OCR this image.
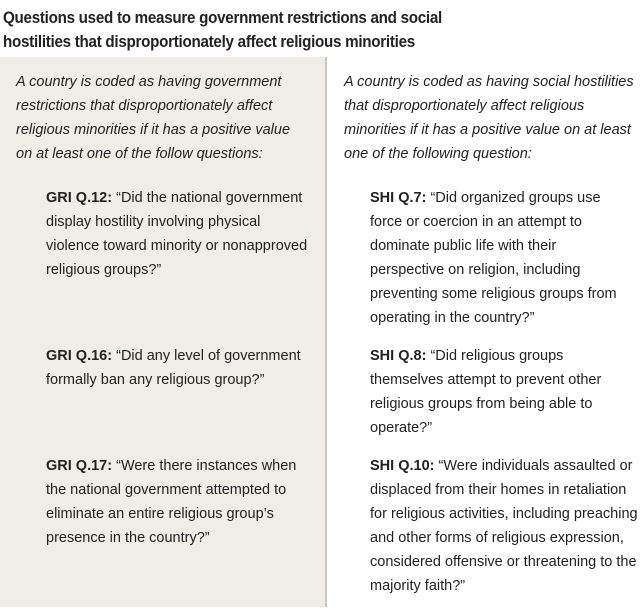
Questions used to measure government restrictions and social hostilities that disproportionately affect religious minorities
A country is coded as having government restrictions that disproportionately affect religious minorities if it has a positive value on at least one of the follow questions:
GRI Q.12: “Did the national government display hostility involving physical violence toward minority or nonapproved religious groups?”
GRI Q.16: “Did any level of government formally ban any religious group?”
GRI Q.17: “Were there instances when the national government attempted to eliminate an entire religious group’s presence in the country?”
A country is coded as having social hostilities that disproportionately affect religious minorities if it has a positive value on at least one of the following question:
SHI Q.7: “Did organized groups use force or coercion in an attempt to dominate public life with their perspective on religion, including preventing some religious groups from operating in the country?”
SHI Q.8: “Did religious groups themselves attempt to prevent other religious groups from being able to operate?”
SHI Q.10: “Were individuals assaulted or displaced from their homes in retaliation for religious activities, including preaching and other forms of religious expression, considered offensive or threatening to the majority faith?”
